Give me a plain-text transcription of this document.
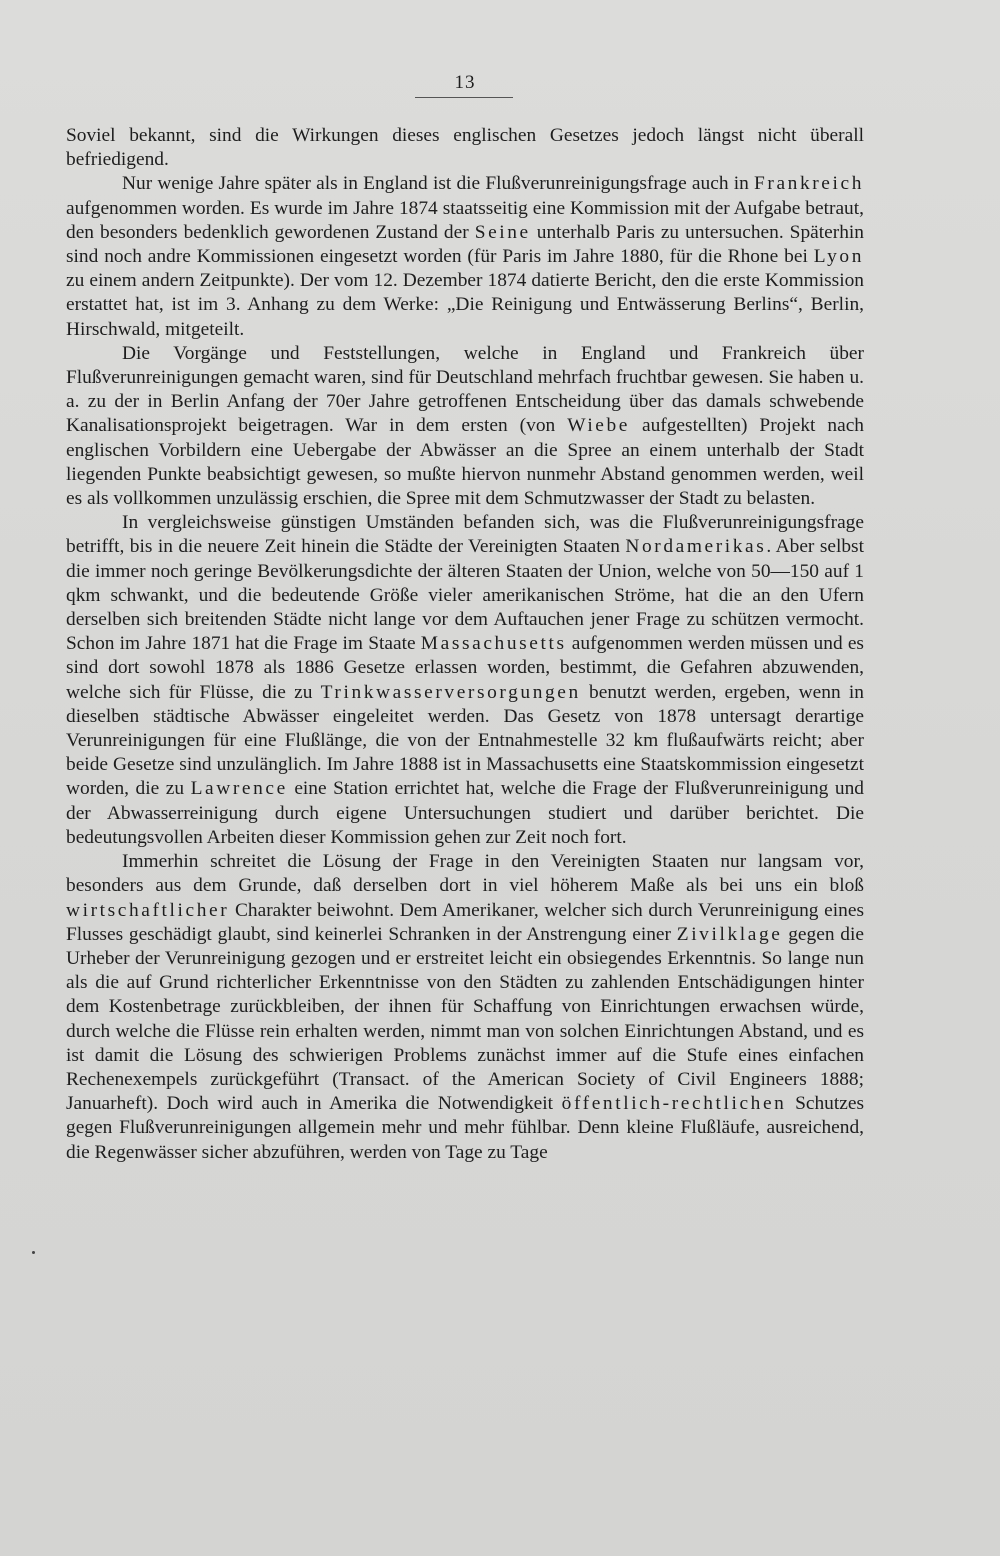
13

Soviel bekannt, sind die Wirkungen dieses englischen Gesetzes jedoch längst nicht überall befriedigend.

Nur wenige Jahre später als in England ist die Flußverunreinigungsfrage auch in Frankreich aufgenommen worden. Es wurde im Jahre 1874 staatsseitig eine Kommission mit der Aufgabe betraut, den besonders bedenklich gewordenen Zustand der Seine unterhalb Paris zu untersuchen. Späterhin sind noch andre Kommissionen eingesetzt worden (für Paris im Jahre 1880, für die Rhone bei Lyon zu einem andern Zeitpunkte). Der vom 12. Dezember 1874 datierte Bericht, den die erste Kommission erstattet hat, ist im 3. Anhang zu dem Werke: „Die Reinigung und Entwässerung Berlins“, Berlin, Hirschwald, mitgeteilt.

Die Vorgänge und Feststellungen, welche in England und Frankreich über Flußverunreinigungen gemacht waren, sind für Deutschland mehrfach fruchtbar gewesen. Sie haben u. a. zu der in Berlin Anfang der 70er Jahre getroffenen Entscheidung über das damals schwebende Kanalisationsprojekt beigetragen. War in dem ersten (von Wiebe aufgestellten) Projekt nach englischen Vorbildern eine Uebergabe der Abwässer an die Spree an einem unterhalb der Stadt liegenden Punkte beabsichtigt gewesen, so mußte hiervon nunmehr Abstand genommen werden, weil es als vollkommen unzulässig erschien, die Spree mit dem Schmutzwasser der Stadt zu belasten.

In vergleichsweise günstigen Umständen befanden sich, was die Flußverunreinigungsfrage betrifft, bis in die neuere Zeit hinein die Städte der Vereinigten Staaten Nordamerikas. Aber selbst die immer noch geringe Bevölkerungsdichte der älteren Staaten der Union, welche von 50—150 auf 1 qkm schwankt, und die bedeutende Größe vieler amerikanischen Ströme, hat die an den Ufern derselben sich breitenden Städte nicht lange vor dem Auftauchen jener Frage zu schützen vermocht. Schon im Jahre 1871 hat die Frage im Staate Massachusetts aufgenommen werden müssen und es sind dort sowohl 1878 als 1886 Gesetze erlassen worden, bestimmt, die Gefahren abzuwenden, welche sich für Flüsse, die zu Trinkwasserversorgungen benutzt werden, ergeben, wenn in dieselben städtische Abwässer eingeleitet werden. Das Gesetz von 1878 untersagt derartige Verunreinigungen für eine Flußlänge, die von der Entnahmestelle 32 km flußaufwärts reicht; aber beide Gesetze sind unzulänglich. Im Jahre 1888 ist in Massachusetts eine Staatskommission eingesetzt worden, die zu Lawrence eine Station errichtet hat, welche die Frage der Flußverunreinigung und der Abwasserreinigung durch eigene Untersuchungen studiert und darüber berichtet. Die bedeutungsvollen Arbeiten dieser Kommission gehen zur Zeit noch fort.

Immerhin schreitet die Lösung der Frage in den Vereinigten Staaten nur langsam vor, besonders aus dem Grunde, daß derselben dort in viel höherem Maße als bei uns ein bloß wirtschaftlicher Charakter beiwohnt. Dem Amerikaner, welcher sich durch Verunreinigung eines Flusses geschädigt glaubt, sind keinerlei Schranken in der Anstrengung einer Zivilklage gegen die Urheber der Verunreinigung gezogen und er erstreitet leicht ein obsiegendes Erkenntnis. So lange nun als die auf Grund richterlicher Erkenntnisse von den Städten zu zahlenden Entschädigungen hinter dem Kostenbetrage zurückbleiben, der ihnen für Schaffung von Einrichtungen erwachsen würde, durch welche die Flüsse rein erhalten werden, nimmt man von solchen Einrichtungen Abstand, und es ist damit die Lösung des schwierigen Problems zunächst immer auf die Stufe eines einfachen Rechenexempels zurückgeführt (Transact. of the American Society of Civil Engineers 1888; Januarheft). Doch wird auch in Amerika die Notwendigkeit öffentlich-rechtlichen Schutzes gegen Flußverunreinigungen allgemein mehr und mehr fühlbar. Denn kleine Flußläufe, ausreichend, die Regenwässer sicher abzuführen, werden von Tage zu Tage
